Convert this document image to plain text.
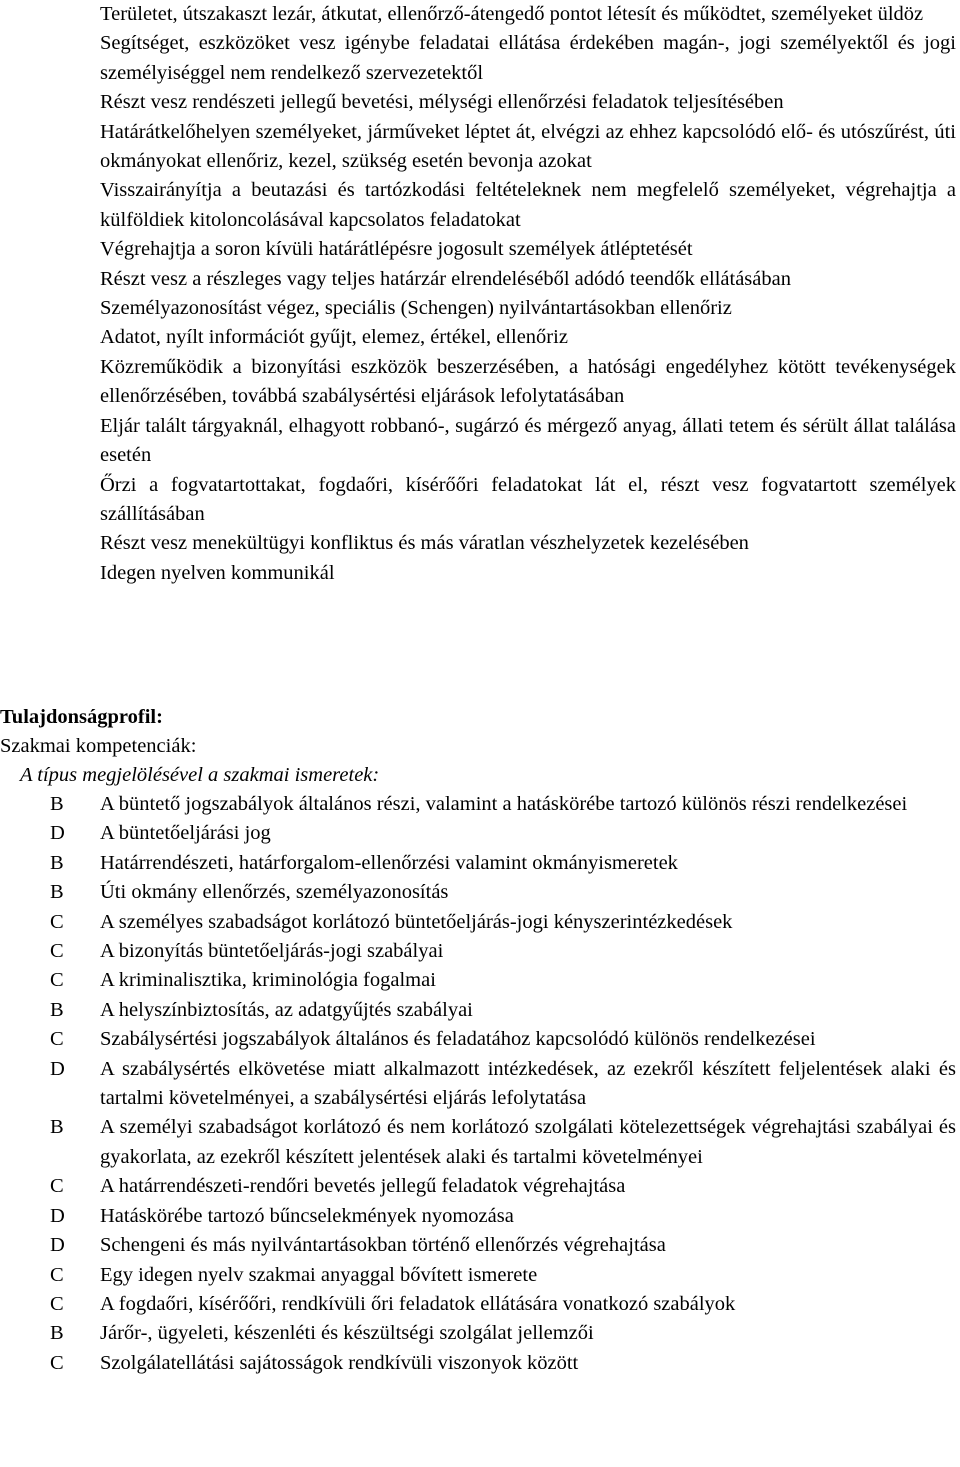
Területet, útszakaszt lezár, átkutat, ellenőrző-átengedő pontot létesít és működtet, személyeket üldöz
Segítséget, eszközöket vesz igénybe feladatai ellátása érdekében magán-, jogi személyektől és jogi személyiséggel nem rendelkező szervezetektől
Részt vesz rendészeti jellegű bevetési, mélységi ellenőrzési feladatok teljesítésében
Határátkelőhelyen személyeket, járműveket léptet át, elvégzi az ehhez kapcsolódó elő- és utószűrést, úti okmányokat ellenőriz, kezel, szükség esetén bevonja azokat
Visszairányítja a beutazási és tartózkodási feltételeknek nem megfelelő személyeket, végrehajtja a külföldiek kitoloncolásával kapcsolatos feladatokat
Végrehajtja a soron kívüli határátlépésre jogosult személyek átléptetését
Részt vesz a részleges vagy teljes határzár elrendeléséből adódó teendők ellátásában
Személyazonosítást végez, speciális (Schengen) nyilvántartásokban ellenőriz
Adatot, nyílt információt gyűjt, elemez, értékel, ellenőriz
Közreműködik a bizonyítási eszközök beszerzésében, a hatósági engedélyhez kötött tevékenységek ellenőrzésében, továbbá szabálysértési eljárások lefolytatásában
Eljár talált tárgyaknál, elhagyott robbanó-, sugárzó és mérgező anyag, állati tetem és sérült állat találása esetén
Őrzi a fogvatartottakat, fogdaőri, kísérőőri feladatokat lát el, részt vesz fogvatartott személyek szállításában
Részt vesz menekültügyi konfliktus és más váratlan vészhelyzetek kezelésében
Idegen nyelven kommunikál
Tulajdonságprofil:
Szakmai kompetenciák:
A típus megjelölésével a szakmai ismeretek:
B	A büntető jogszabályok általános részi, valamint a hatáskörébe tartozó különös részi rendelkezései
D	A büntetőeljárási jog
B	Határrendészeti, határforgalom-ellenőrzési valamint okmányismeretek
B	Úti okmány ellenőrzés, személyazonosítás
C	A személyes szabadságot korlátozó büntetőeljárás-jogi kényszerintézkedések
C	A bizonyítás büntetőeljárás-jogi szabályai
C	A kriminalisztika, kriminológia fogalmai
B	A helyszínbiztosítás, az adatgyűjtés szabályai
C	Szabálysértési jogszabályok általános és feladatához kapcsolódó különös rendelkezései
D	A szabálysértés elkövetése miatt alkalmazott intézkedések, az ezekről készített feljelentések alaki és tartalmi követelményei, a szabálysértési eljárás lefolytatása
B	A személyi szabadságot korlátozó és nem korlátozó szolgálati kötelezettségek végrehajtási szabályai és gyakorlata, az ezekről készített jelentések alaki és tartalmi követelményei
C	A határrendészeti-rendőri bevetés jellegű feladatok végrehajtása
D	Hatáskörébe tartozó bűncselekmények nyomozása
D	Schengeni és más nyilvántartásokban történő ellenőrzés végrehajtása
C	Egy idegen nyelv szakmai anyaggal bővített ismerete
C	A fogdaőri, kísérőőri, rendkívüli őri feladatok ellátására vonatkozó szabályok
B	Járőr-, ügyeleti, készenléti és készültségi szolgálat jellemzői
C	Szolgálatellátási sajátosságok rendkívüli viszonyok között
